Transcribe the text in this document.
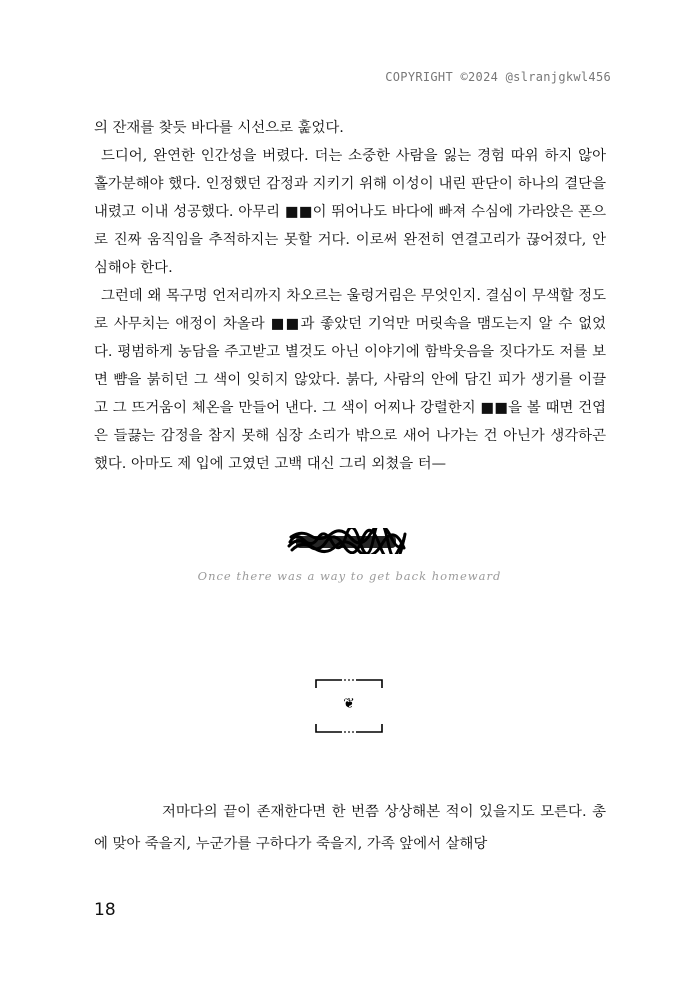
COPYRIGHT ©2024 @slranjgkwl456

의 잔재를 찾듯 바다를 시선으로 훑었다.

드디어, 완연한 인간성을 버렸다. 더는 소중한 사람을 잃는 경험 따위 하지 않아 홀가분해야 했다. 인정했던 감정과 지키기 위해 이성이 내린 판단이 하나의 결단을 내렸고 이내 성공했다. 아무리 ■■이 뛰어나도 바다에 빠져 수심에 가라앉은 폰으로 진짜 움직임을 추적하지는 못할 거다. 이로써 완전히 연결고리가 끊어졌다, 안심해야 한다.

그런데 왜 목구멍 언저리까지 차오르는 울렁거림은 무엇인지. 결심이 무색할 정도로 사무치는 애정이 차올라 ■■과 좋았던 기억만 머릿속을 맴도는지 알 수 없었다. 평범하게 농담을 주고받고 별것도 아닌 이야기에 함박웃음을 짓다가도 저를 보면 뺨을 붉히던 그 색이 잊히지 않았다. 붉다, 사람의 안에 담긴 피가 생기를 이끌고 그 뜨거움이 체온을 만들어 낸다. 그 색이 어찌나 강렬한지 ■■을 볼 때면 건엽은 들끓는 감정을 참지 못해 심장 소리가 밖으로 새어 나가는 건 아닌가 생각하곤 했다. 아마도 제 입에 고였던 고백 대신 그리 외쳤을 터—

Once there was a way to get back homeward
❦

저마다의 끝이 존재한다면 한 번쯤 상상해본 적이 있을지도 모른다. 총에 맞아 죽을지, 누군가를 구하다가 죽을지, 가족 앞에서 살해당

18
